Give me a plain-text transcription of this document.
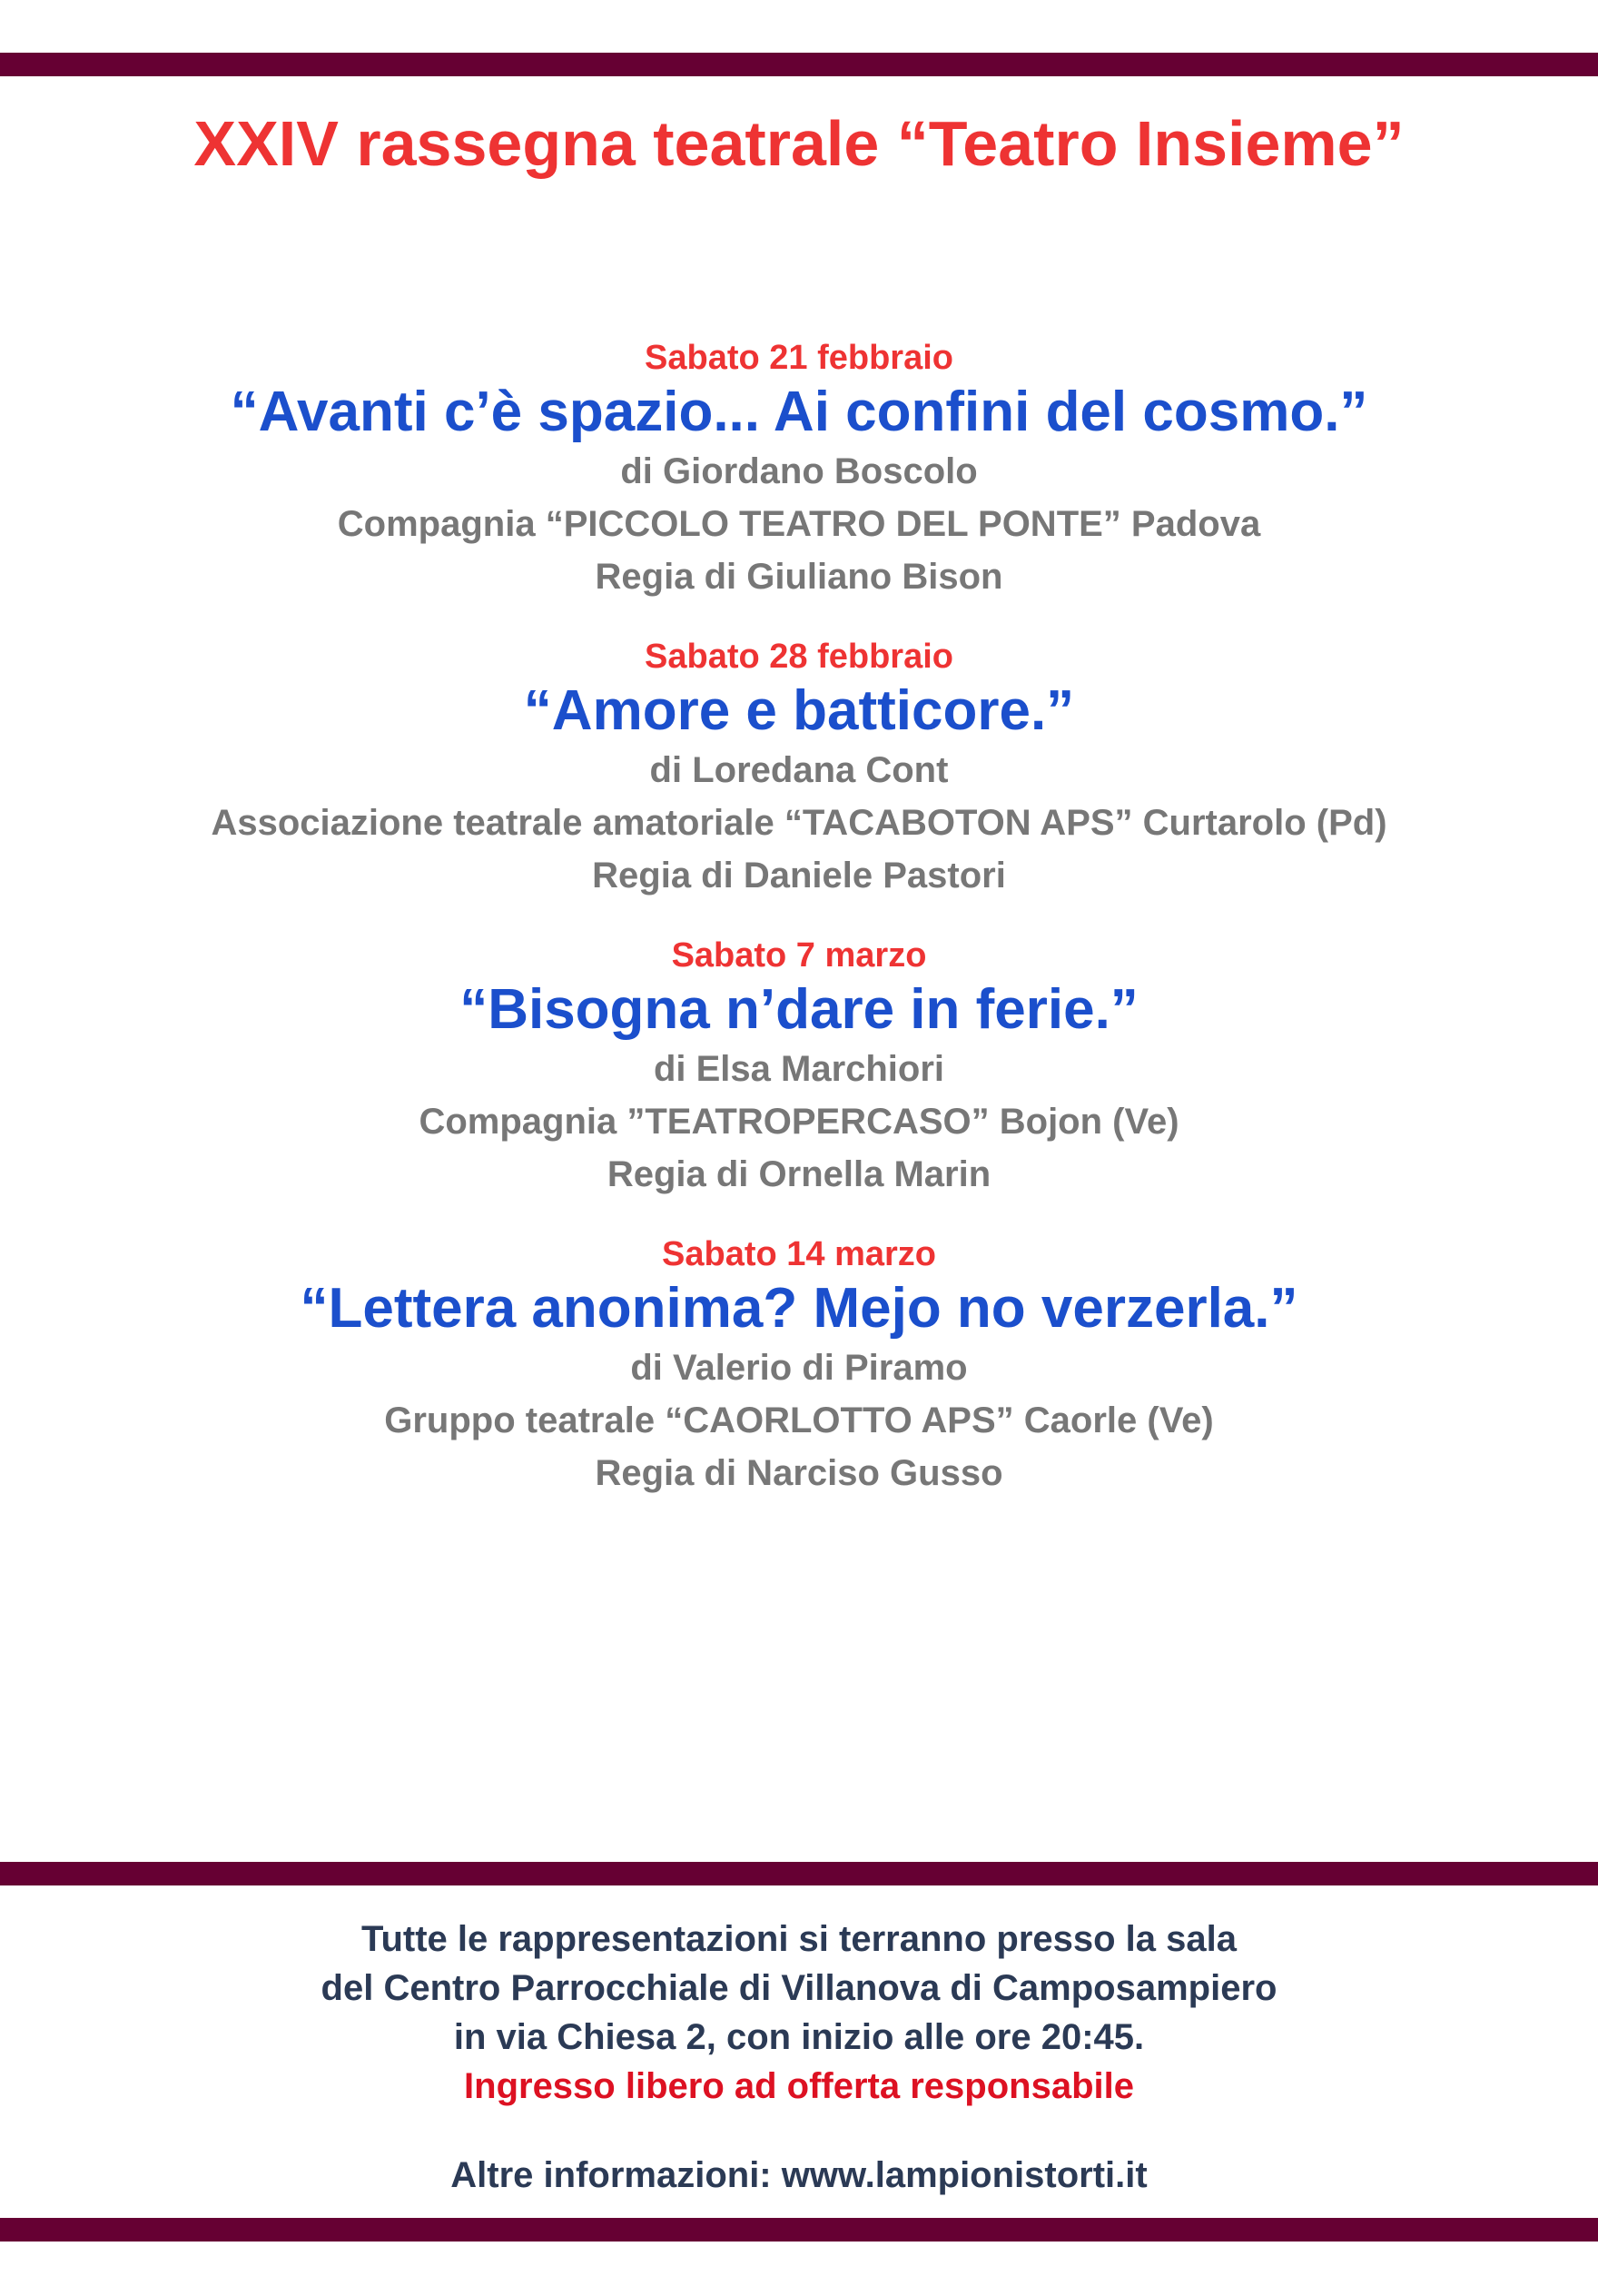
XXIV rassegna teatrale “Teatro Insieme”
Sabato 21 febbraio
“Avanti c’è spazio... Ai confini del cosmo.”
di Giordano Boscolo
Compagnia “PICCOLO TEATRO DEL PONTE” Padova
Regia di Giuliano Bison
Sabato 28 febbraio
“Amore e batticore.”
di Loredana Cont
Associazione teatrale amatoriale “TACABOTON APS” Curtarolo (Pd)
Regia di Daniele Pastori
Sabato 7 marzo
“Bisogna n’dare in ferie.”
di Elsa Marchiori
Compagnia ”TEATROPERCASO” Bojon (Ve)
Regia di Ornella Marin
Sabato 14 marzo
“Lettera anonima? Mejo no verzerla.”
di Valerio di Piramo
Gruppo teatrale “CAORLOTTO APS” Caorle (Ve)
Regia di Narciso Gusso
Tutte le rappresentazioni si terranno presso la sala
del Centro Parrocchiale di Villanova di Camposampiero
in via Chiesa 2, con inizio alle ore 20:45.
Ingresso libero ad offerta responsabile
Altre informazioni: www.lampionistorti.it
